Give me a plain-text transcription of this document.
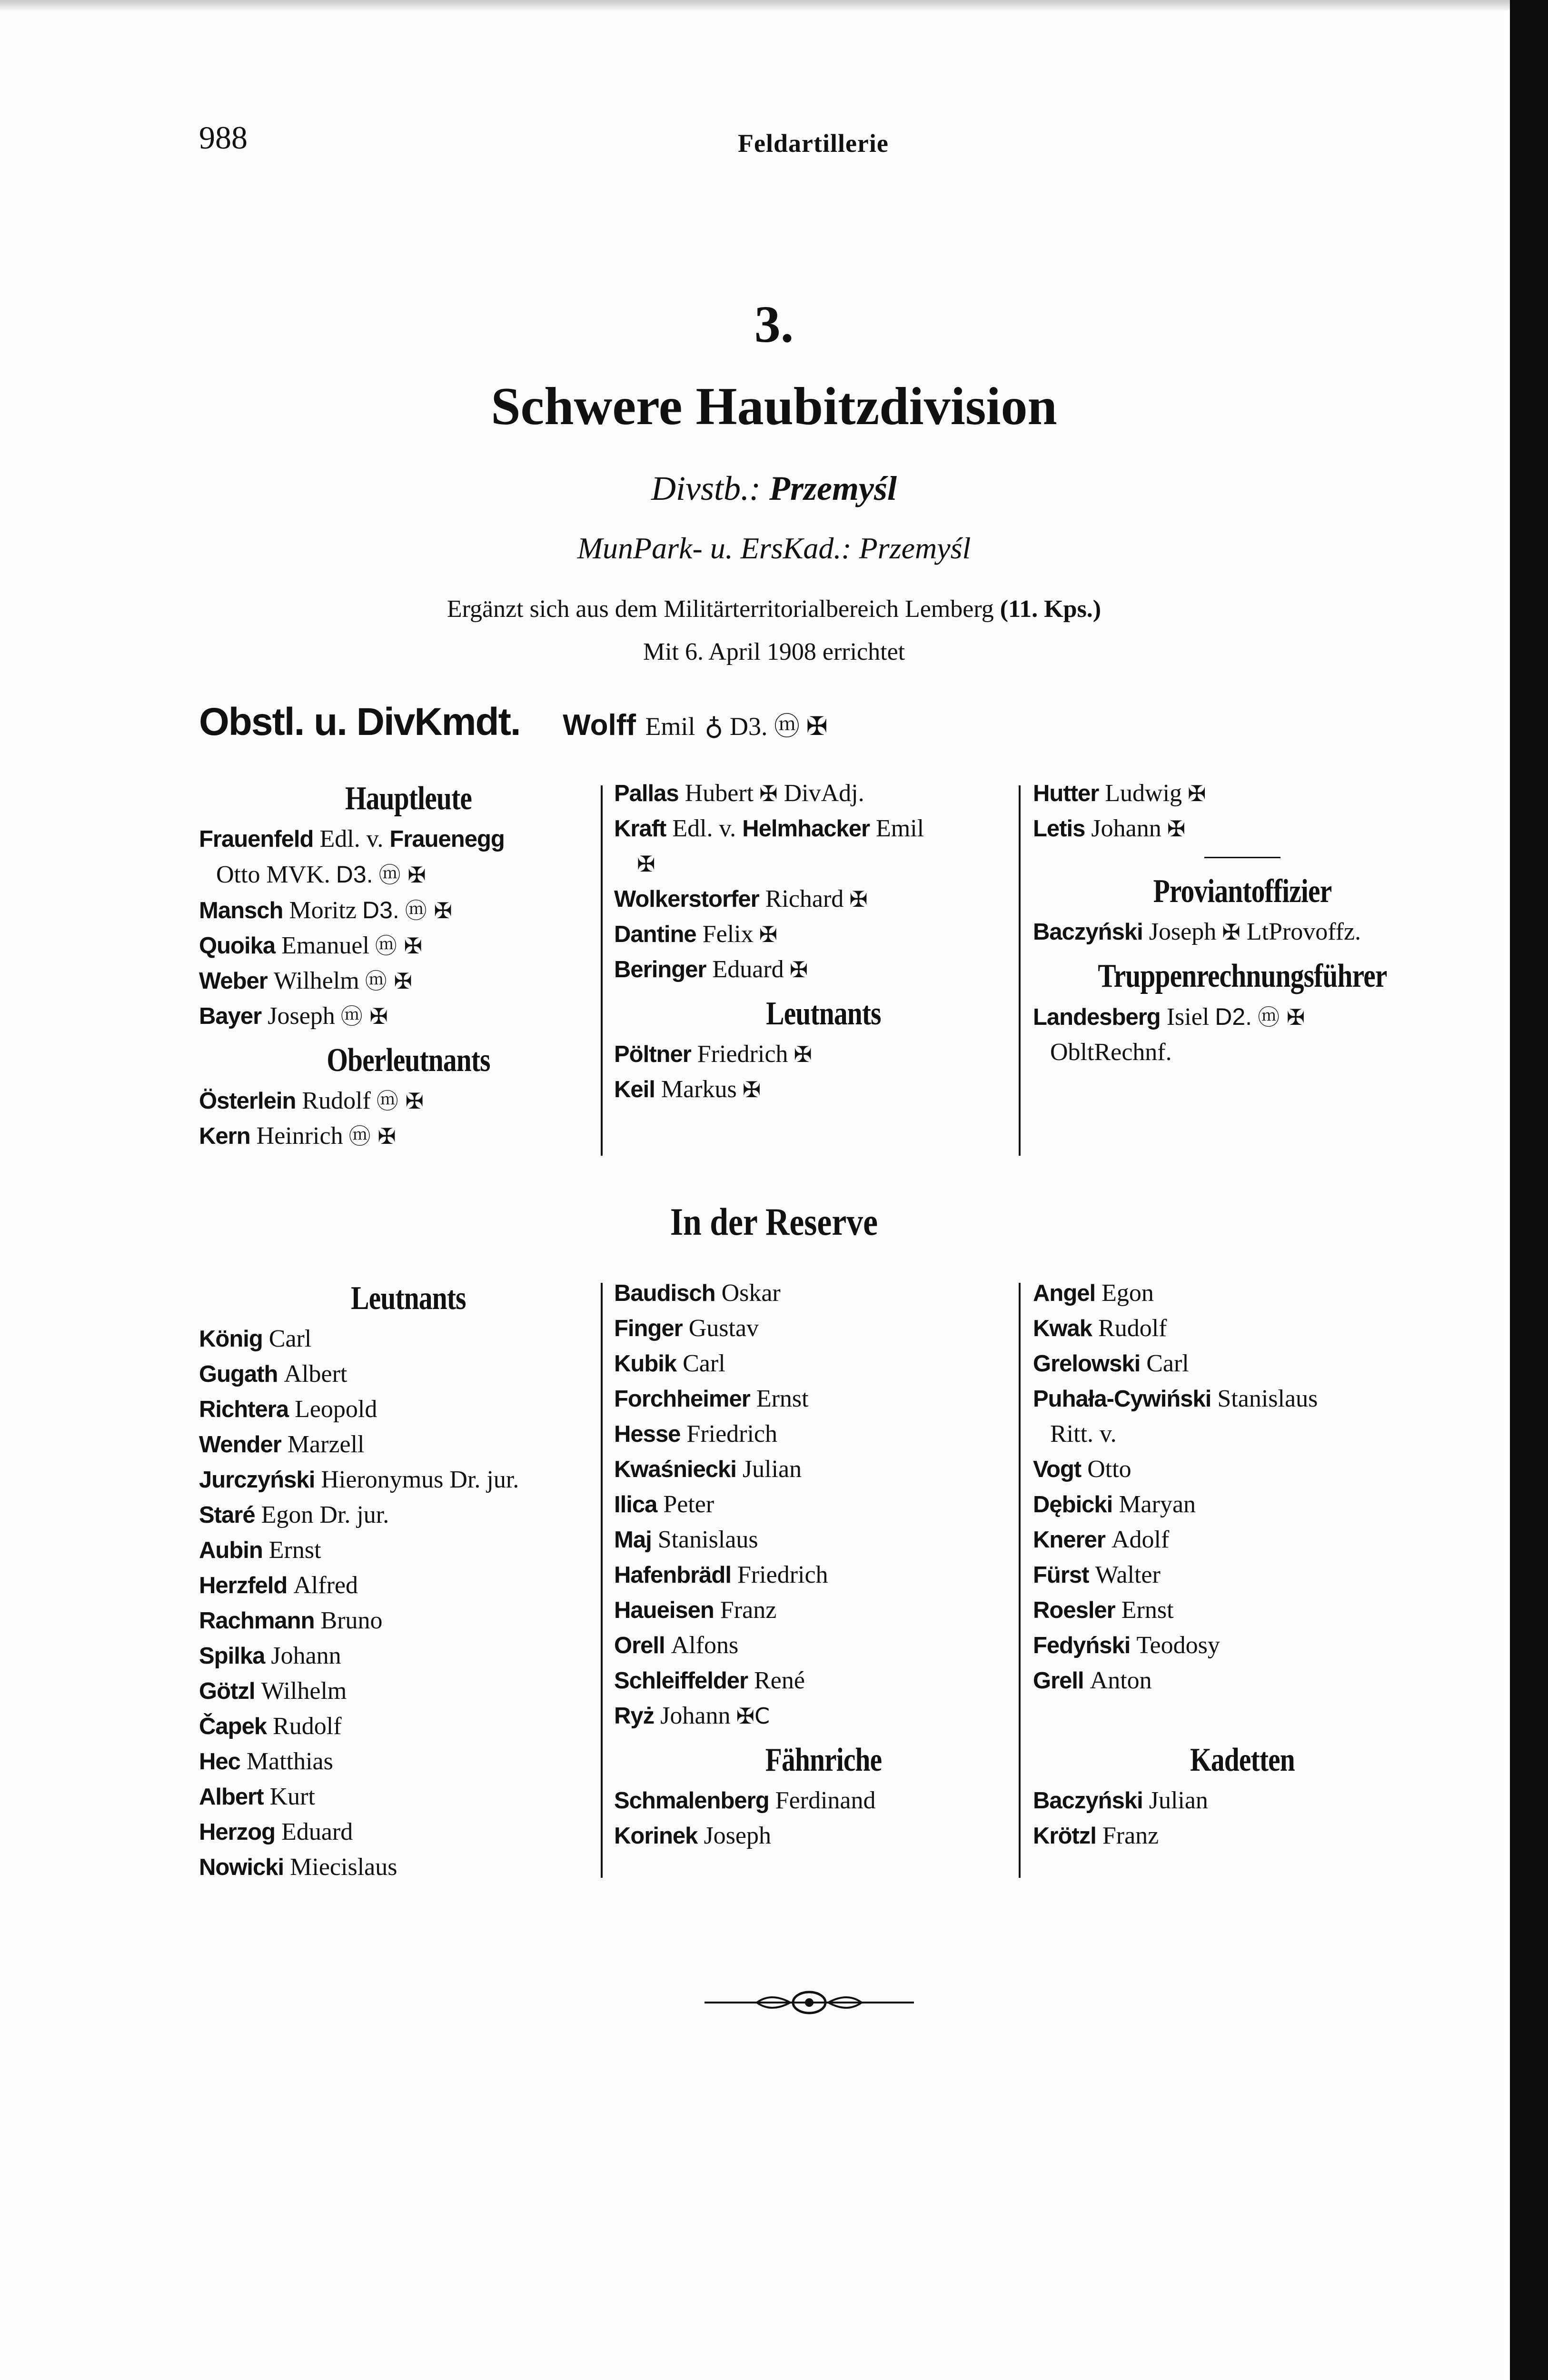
988	Feldartillerie
3.
Schwere Haubitzdivision
Divstb.: Przemyśl
MunPark- u. ErsKad.: Przemyśl
Ergänzt sich aus dem Militärterritorialbereich Lemberg (11. Kps.)
Mit 6. April 1908 errichtet
Obstl. u. DivKmdt. Wolff Emil ♁ D3. ⓜ ✠
Hauptleute
Frauenfeld Edl. v. Frauenegg
Otto MVK. D3. ⓜ ✠
Mansch Moritz D3. ⓜ ✠
Quoika Emanuel ⓜ ✠
Weber Wilhelm ⓜ ✠
Bayer Joseph ⓜ ✠
Oberleutnants
Österlein Rudolf ⓜ ✠
Kern Heinrich ⓜ ✠
Pallas Hubert ✠ DivAdj.
Kraft Edl. v. Helmhacker Emil
✠
Wolkerstorfer Richard ✠
Dantine Felix ✠
Beringer Eduard ✠
Leutnants
Pöltner Friedrich ✠
Keil Markus ✠
Hutter Ludwig ✠
Letis Johann ✠
Proviantoffizier
Baczyński Joseph ✠ LtProvoffz.
Truppenrechnungsführer
Landesberg Isiel D2. ⓜ ✠
ObltRechnf.
In der Reserve
Leutnants
König Carl
Gugath Albert
Richtera Leopold
Wender Marzell
Jurczyński Hieronymus Dr. jur.
Staré Egon Dr. jur.
Aubin Ernst
Herzfeld Alfred
Rachmann Bruno
Spilka Johann
Götzl Wilhelm
Čapek Rudolf
Hec Matthias
Albert Kurt
Herzog Eduard
Nowicki Miecislaus
Baudisch Oskar
Finger Gustav
Kubik Carl
Forchheimer Ernst
Hesse Friedrich
Kwaśniecki Julian
Ilica Peter
Maj Stanislaus
Hafenbrädl Friedrich
Haueisen Franz
Orell Alfons
Schleiffelder René
Ryż Johann ✠C
Fähnriche
Schmalenberg Ferdinand
Korinek Joseph
Angel Egon
Kwak Rudolf
Grelowski Carl
Puhała-Cywiński Stanislaus
Ritt. v.
Vogt Otto
Dębicki Maryan
Knerer Adolf
Fürst Walter
Roesler Ernst
Fedyński Teodosy
Grell Anton
Kadetten
Baczyński Julian
Krötzl Franz
